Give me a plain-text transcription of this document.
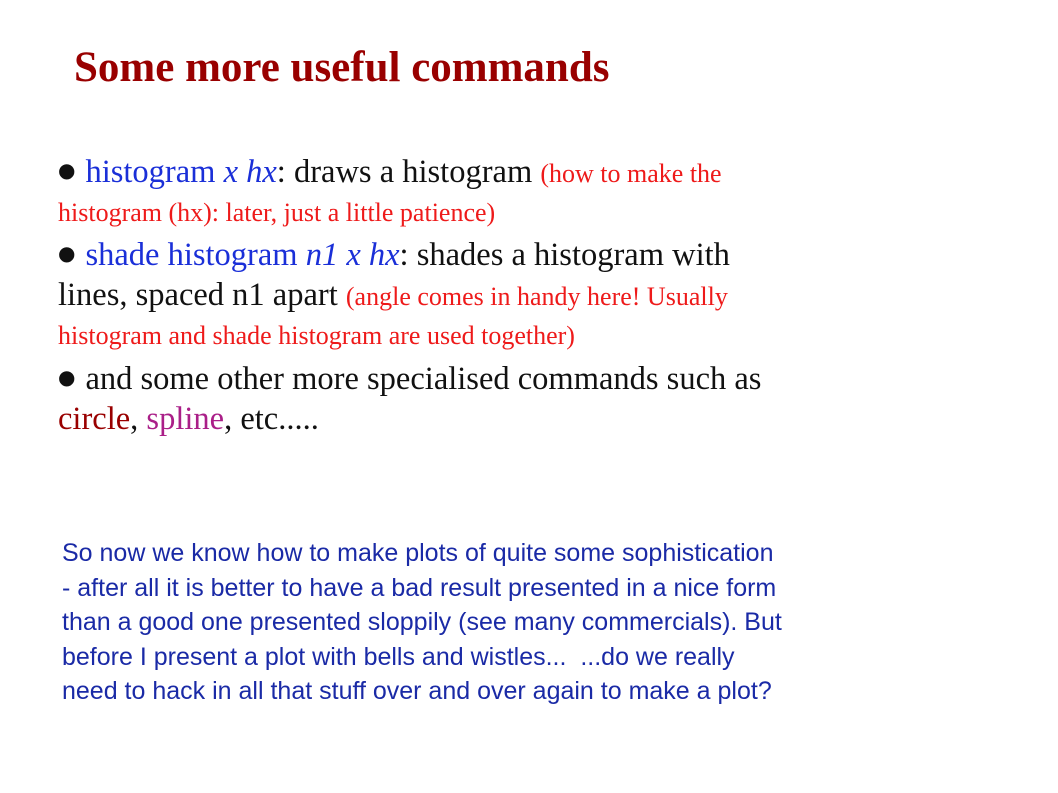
Some more useful commands
● histogram x hx: draws a histogram (how to make the
histogram (hx): later, just a little patience)
● shade histogram n1 x hx: shades a histogram with
lines, spaced n1 apart (angle comes in handy here! Usually
histogram and shade histogram are used together)
● and some other more specialised commands such as
circle, spline, etc.....
So now we know how to make plots of quite some sophistication
- after all it is better to have a bad result presented in a nice form
than a good one presented sloppily (see many commercials). But
before I present a plot with bells and wistles...  ...do we really
need to hack in all that stuff over and over again to make a plot?
